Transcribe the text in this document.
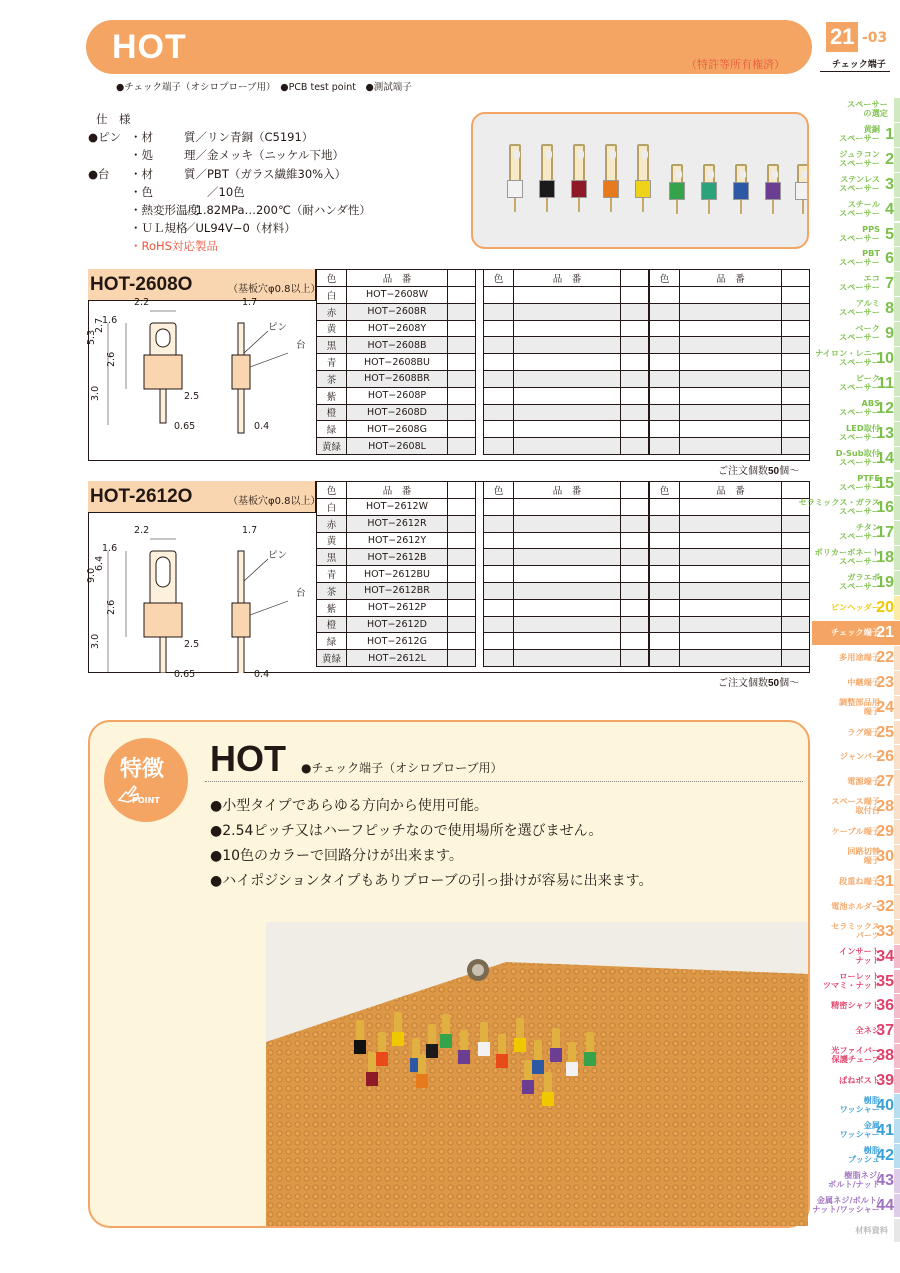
HOT	（特許等所有権済）
●チェック端子（オシロプローブ用）　●PCB test point　●測試端子
21 -03
チェック端子
仕　様
●ピン ・材　　 質／リン青銅（C5191）
・処　　 理／金メッキ（ニッケル下地）
●台	・材　　 質／PBT（ガラス繊維30%入）
・色　　 　　／10色
・熱変形温度
／1.82MPa…200℃（耐ハンダ性）
・ＵＬ規格
／UL94V−0（材料）
・RoHS対応製品
HOT-2608O	（基板穴φ0.8以上）
2.2
1.6
1.7
ピン
台
2.7
5.3
2.6
2.5
3.0
0.65	0.4
色	品　番	
白	HOT−2608W	
赤	HOT−2608R	
黄	HOT−2608Y	
黒	HOT−2608B	
青	HOT−2608BU	
茶	HOT−2608BR	
紫	HOT−2608P	
橙	HOT−2608D	
緑	HOT−2608G	
黄緑	HOT−2608L	
色	品　番	

			色	品　番	

ご注文個数50個〜
HOT-2612O	（基板穴φ0.8以上）
2.2
1.6
1.7
ピン
台
6.4
9.0
2.6
2.5
3.0
0.65	0.4
色	品　番	
白	HOT−2612W	
赤	HOT−2612R	
黄	HOT−2612Y	
黒	HOT−2612B	
青	HOT−2612BU	
茶	HOT−2612BR	
紫	HOT−2612P	
橙	HOT−2612D	
緑	HOT−2612G	
黄緑	HOT−2612L	
色	品　番	

			色	品　番	

ご注文個数50個〜
特徴
POINT
HOT ●チェック端子（オシロプローブ用）
●小型タイプであらゆる方向から使用可能。
●2.54ピッチ又はハーフピッチなので使用場所を選びません。
●10色のカラーで回路分けが出来ます。
●ハイポジションタイプもありプローブの引っ掛けが容易に出来ます。
スペーサー
の選定
黄銅
スペーサー 1
ジュラコン
スペーサー 2
ステンレス
スペーサー 3
スチール
スペーサー 4
PPS
スペーサー 5
PBT
スペーサー 6
エコ
スペーサー 7
アルミ
スペーサー 8
ベーク
スペーサー 9
ナイロン・レニー
スペーサー
10
ピーク
スペーサー
11
ABS
スペーサー
12
LED取付
スペーサー
13
D-Sub取付
スペーサー
14
PTFE
スペーサー
15
セラミックス・ガラス
スペーサー
16
チタン
スペーサー
17
ポリカーボネート
スペーサー
18
ガラエポ
スペーサー
19
ピンヘッダー
20
チェック端子
21
多用途端子
22
中継端子
23
調整部品用
端子
24
ラグ端子
25
ジャンパー
26
電源端子
27
スペース端子
取付台
28
ケーブル端子
29
回路切替
端子
30
段重ね端子
31
電池ホルダー
32
セラミックス
パーツ
33
インサート
ナット
34
ローレット
ツマミ・ナット
35
精密シャフト
36
全ネジ
37
光ファイバー
保護チューブ
38
ばねポスト
39
樹脂
ワッシャー
40
金属
ワッシャー
41
樹脂
ブッシュ
42
樹脂ネジ/
ボルト/ナット
43
金属ネジ/ボルト/
ナット/ワッシャー
44
材料資料
